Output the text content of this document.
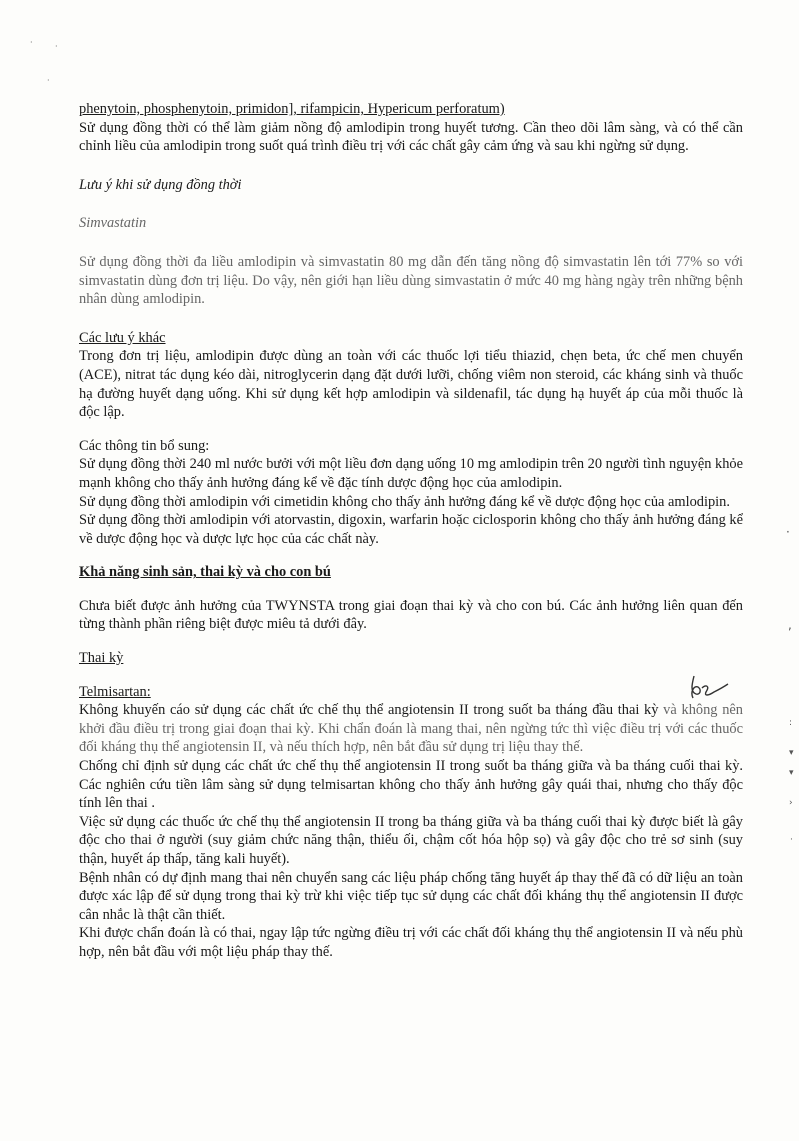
·	·
·
·
,
:
▾
▾
›
·

phenytoin, phosphenytoin, primidon], rifampicin, Hypericum perforatum)

Sử dụng đồng thời có thể làm giảm nồng độ amlodipin trong huyết tương. Cần theo dõi lâm sàng, và có thể cần chỉnh liều của amlodipin trong suốt quá trình điều trị với các chất gây cảm ứng và sau khi ngừng sử dụng.

Lưu ý khi sử dụng đồng thời

Simvastatin

Sử dụng đồng thời đa liều amlodipin và simvastatin 80 mg dẫn đến tăng nồng độ simvastatin lên tới 77% so với simvastatin dùng đơn trị liệu. Do vậy, nên giới hạn liều dùng simvastatin ở mức 40 mg hàng ngày trên những bệnh nhân dùng amlodipin.

Các lưu ý khác

Trong đơn trị liệu, amlodipin được dùng an toàn với các thuốc lợi tiểu thiazid, chẹn beta, ức chế men chuyển (ACE), nitrat tác dụng kéo dài, nitroglycerin dạng đặt dưới lưỡi, chống viêm non steroid, các kháng sinh và thuốc hạ đường huyết dạng uống. Khi sử dụng kết hợp amlodipin và sildenafil, tác dụng hạ huyết áp của mỗi thuốc là độc lập.

Các thông tin bổ sung:

Sử dụng đồng thời 240 ml nước bưởi với một liều đơn dạng uống 10 mg amlodipin trên 20 người tình nguyện khỏe mạnh không cho thấy ảnh hưởng đáng kể về đặc tính dược động học của amlodipin.

Sử dụng đồng thời amlodipin với cimetidin không cho thấy ảnh hưởng đáng kể về dược động học của amlodipin.

Sử dụng đồng thời amlodipin với atorvastin, digoxin, warfarin hoặc ciclosporin không cho thấy ảnh hưởng đáng kể về dược động học và dược lực học của các chất này.

Khả năng sinh sản, thai kỳ và cho con bú

Chưa biết được ảnh hưởng của TWYNSTA trong giai đoạn thai kỳ và cho con bú. Các ảnh hưởng liên quan đến từng thành phần riêng biệt được miêu tả dưới đây.

Thai kỳ

Telmisartan:

Không khuyến cáo sử dụng các chất ức chế thụ thể angiotensin II trong suốt ba tháng đầu thai kỳ và không nên khởi đầu điều trị trong giai đoạn thai kỳ. Khi chẩn đoán là mang thai, nên ngừng tức thì việc điều trị với các thuốc đối kháng thụ thể angiotensin II, và nếu thích hợp, nên bắt đầu sử dụng trị liệu thay thế.

Chống chỉ định sử dụng các chất ức chế thụ thể angiotensin II trong suốt ba tháng giữa và ba tháng cuối thai kỳ. Các nghiên cứu tiền lâm sàng sử dụng telmisartan không cho thấy ảnh hưởng gây quái thai, nhưng cho thấy độc tính lên thai .

Việc sử dụng các thuốc ức chế thụ thể angiotensin II trong ba tháng giữa và ba tháng cuối thai kỳ được biết là gây độc cho thai ở người (suy giảm chức năng thận, thiểu ối, chậm cốt hóa hộp sọ) và gây độc cho trẻ sơ sinh (suy thận, huyết áp thấp, tăng kali huyết).

Bệnh nhân có dự định mang thai nên chuyển sang các liệu pháp chống tăng huyết áp thay thế đã có dữ liệu an toàn được xác lập để sử dụng trong thai kỳ trừ khi việc tiếp tục sử dụng các chất đối kháng thụ thể angiotensin II được cân nhắc là thật cần thiết.

Khi được chẩn đoán là có thai, ngay lập tức ngừng điều trị với các chất đối kháng thụ thể angiotensin II và nếu phù hợp, nên bắt đầu với một liệu pháp thay thế.
